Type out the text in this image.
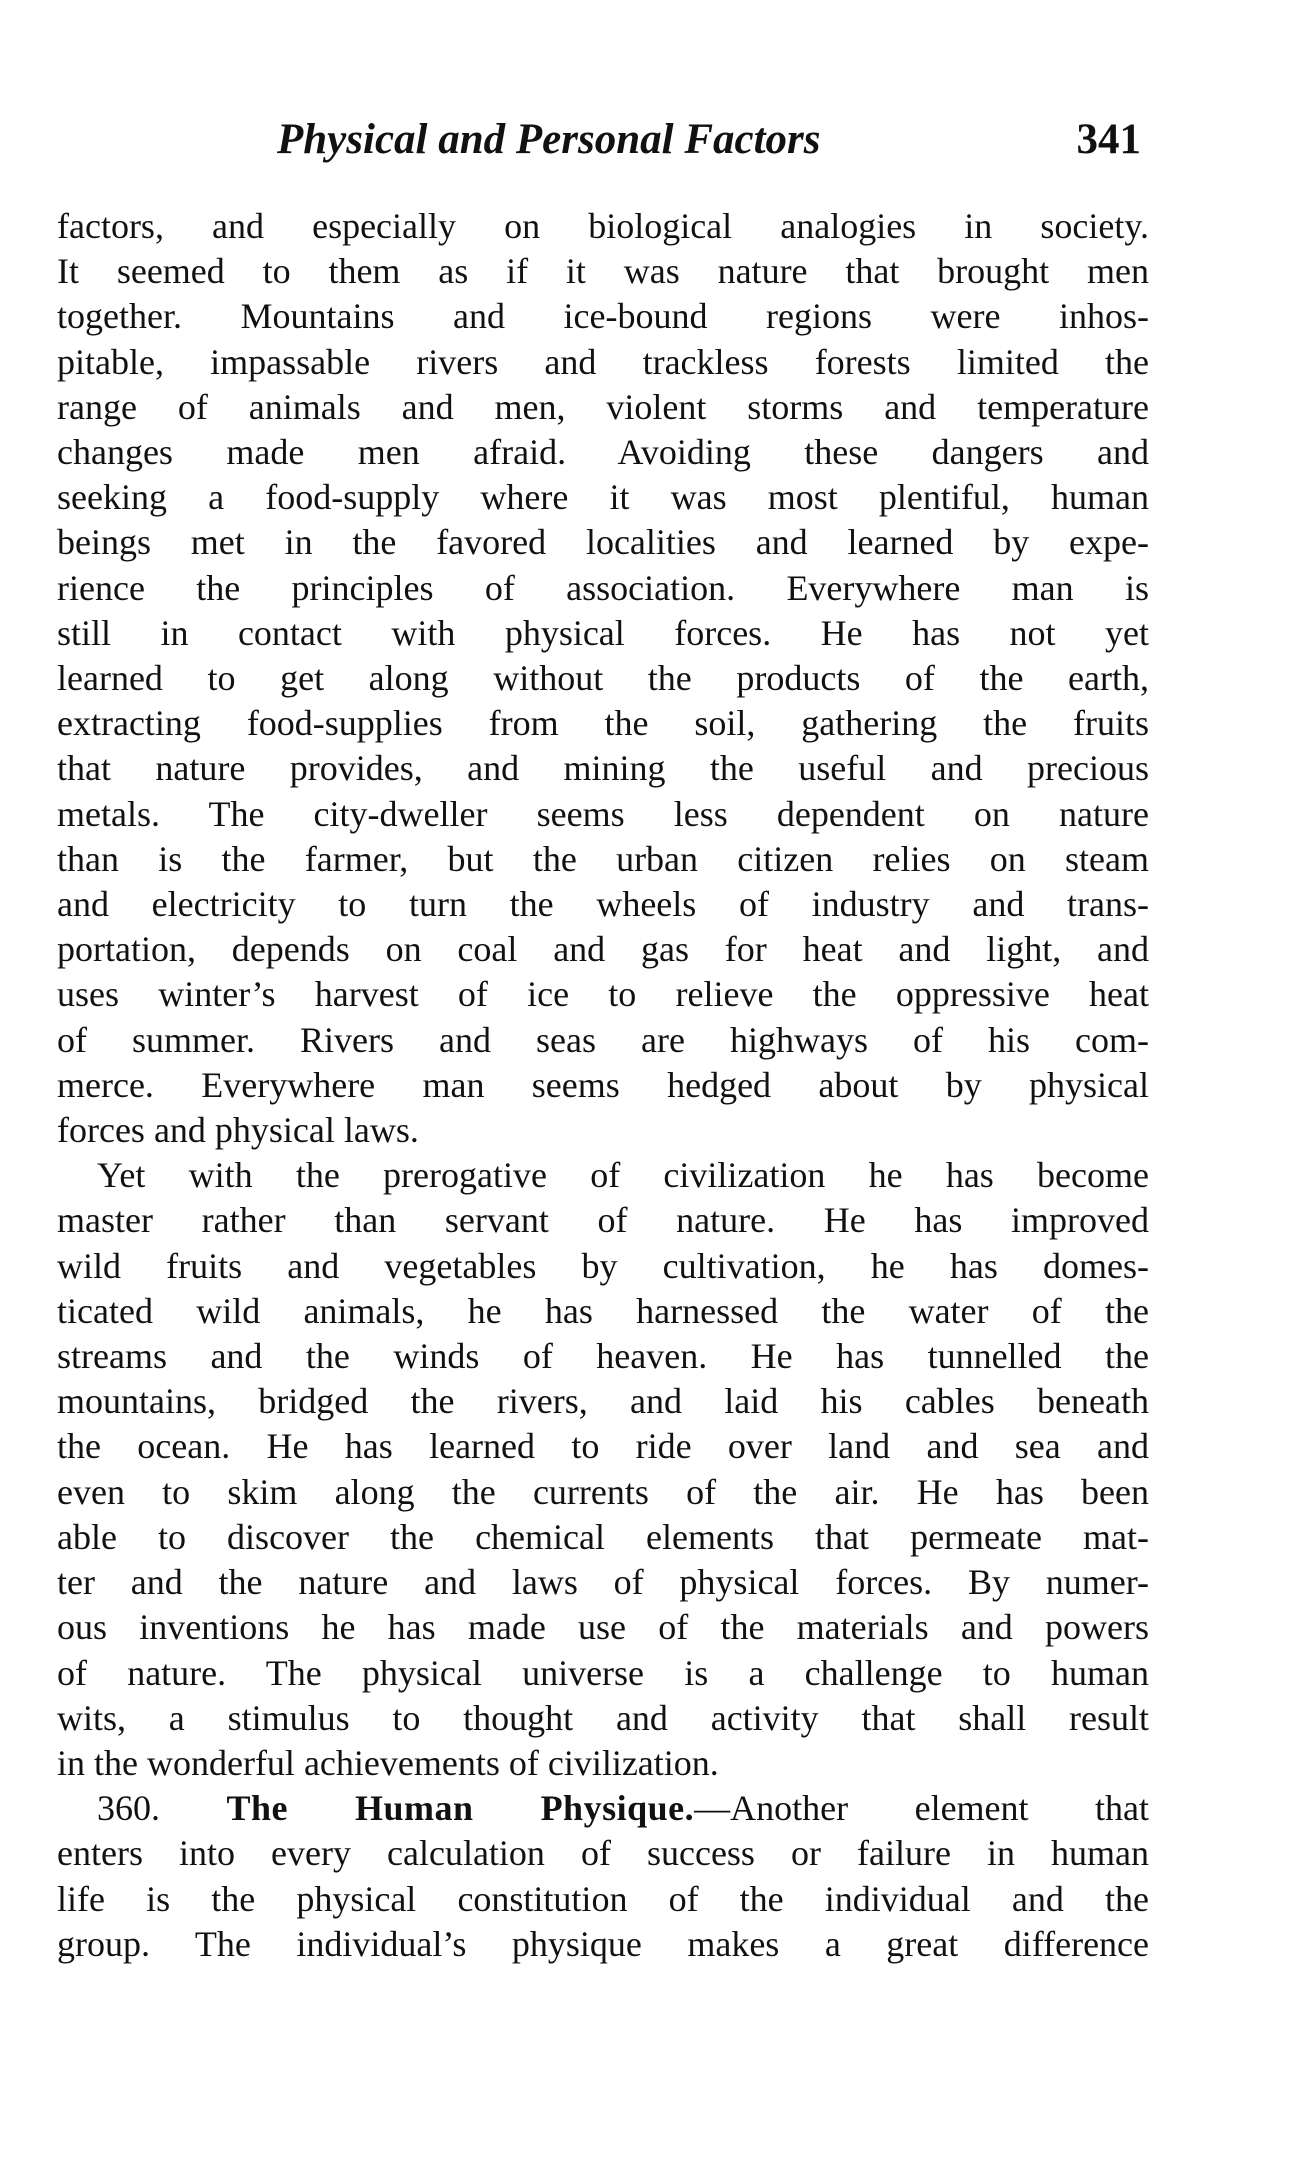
Physical and Personal Factors	341
factors, and especially on biological analogies in society.
It seemed to them as if it was nature that brought men
together. Mountains and ice-bound regions were inhos-
pitable, impassable rivers and trackless forests limited the
range of animals and men, violent storms and temperature
changes made men afraid. Avoiding these dangers and
seeking a food-supply where it was most plentiful, human
beings met in the favored localities and learned by expe-
rience the principles of association. Everywhere man is
still in contact with physical forces. He has not yet
learned to get along without the products of the earth,
extracting food-supplies from the soil, gathering the fruits
that nature provides, and mining the useful and precious
metals. The city-dweller seems less dependent on nature
than is the farmer, but the urban citizen relies on steam
and electricity to turn the wheels of industry and trans-
portation, depends on coal and gas for heat and light, and
uses winter’s harvest of ice to relieve the oppressive heat
of summer. Rivers and seas are highways of his com-
merce. Everywhere man seems hedged about by physical
forces and physical laws.
Yet with the prerogative of civilization he has become
master rather than servant of nature. He has improved
wild fruits and vegetables by cultivation, he has domes-
ticated wild animals, he has harnessed the water of the
streams and the winds of heaven. He has tunnelled the
mountains, bridged the rivers, and laid his cables beneath
the ocean. He has learned to ride over land and sea and
even to skim along the currents of the air. He has been
able to discover the chemical elements that permeate mat-
ter and the nature and laws of physical forces. By numer-
ous inventions he has made use of the materials and powers
of nature. The physical universe is a challenge to human
wits, a stimulus to thought and activity that shall result
in the wonderful achievements of civilization.
360. The Human Physique.—Another element that
enters into every calculation of success or failure in human
life is the physical constitution of the individual and the
group. The individual’s physique makes a great difference
